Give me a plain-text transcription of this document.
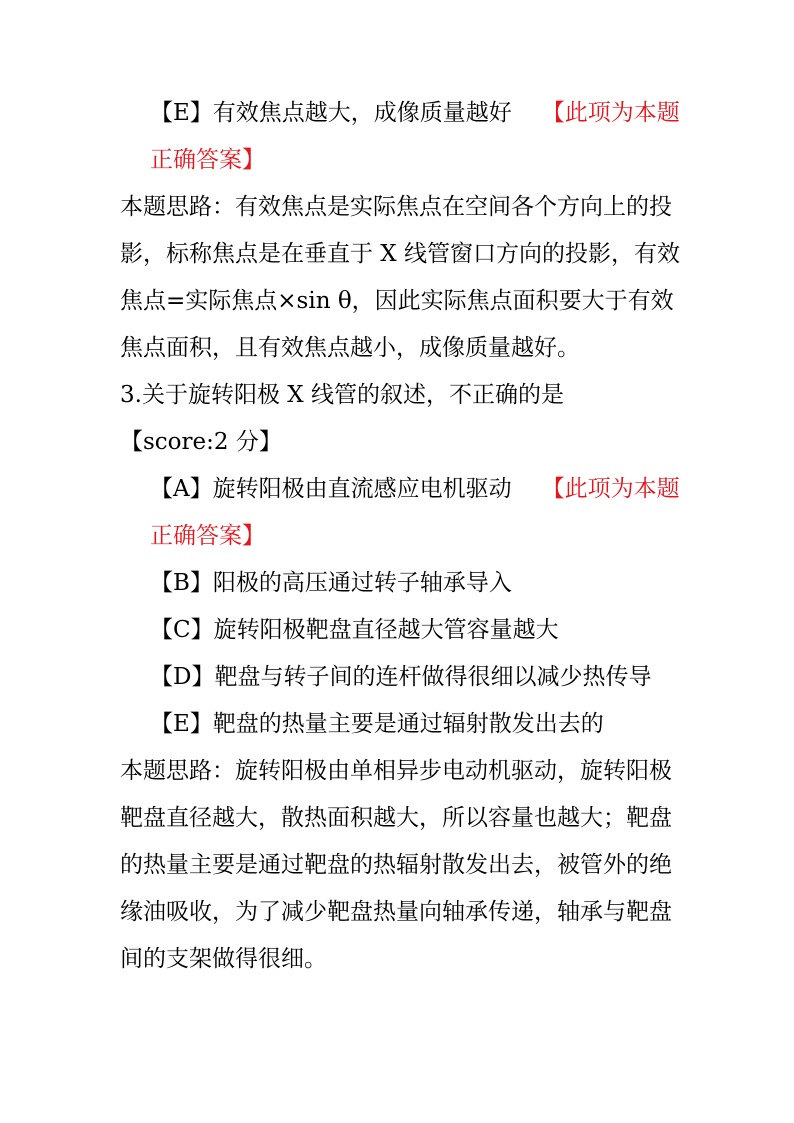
【E】有效焦点越大，成像质量越好 【此项为本题正确答案】

本题思路：有效焦点是实际焦点在空间各个方向上的投影，标称焦点是在垂直于 X 线管窗口方向的投影，有效焦点=实际焦点×sin θ，因此实际焦点面积要大于有效焦点面积，且有效焦点越小，成像质量越好。

3.关于旋转阳极 X 线管的叙述，不正确的是

【score:2 分】

【A】旋转阳极由直流感应电机驱动 【此项为本题正确答案】

【B】阳极的高压通过转子轴承导入

【C】旋转阳极靶盘直径越大管容量越大

【D】靶盘与转子间的连杆做得很细以减少热传导

【E】靶盘的热量主要是通过辐射散发出去的

本题思路：旋转阳极由单相异步电动机驱动，旋转阳极靶盘直径越大，散热面积越大，所以容量也越大；靶盘的热量主要是通过靶盘的热辐射散发出去，被管外的绝缘油吸收，为了减少靶盘热量向轴承传递，轴承与靶盘间的支架做得很细。
